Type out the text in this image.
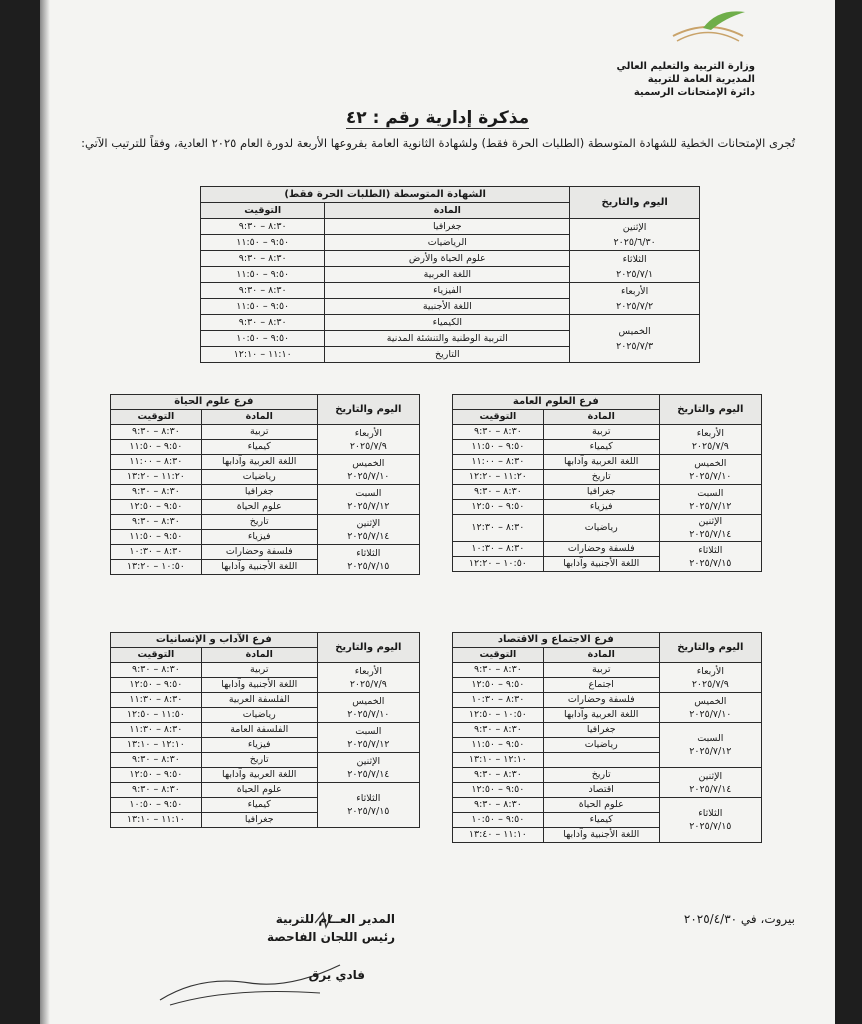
وزارة التربية والتعليم العالي
المديرية العامة للتربية
دائرة الإمتحانات الرسمية
مذكرة إدارية رقم : ٤٢
تُجرى الإمتحانات الخطية للشهادة المتوسطة (الطلبات الحرة فقط) ولشهادة الثانوية العامة بفروعها الأربعة لدورة العام ٢٠٢٥ العادية، وفقاً للترتيب الآتي:
اليوم والتاريخ	الشهادة المتوسطة (الطلبات الحرة فقط)	
	المادة	التوقيت

الإثنين
٢٠٢٥/٦/٣٠	جغرافيا	٨:٣٠ – ٩:٣٠
	الرياضيات	٩:٥٠ – ١١:٥٠

الثلاثاء
٢٠٢٥/٧/١	علوم الحياة والأرض	٨:٣٠ – ٩:٣٠
	اللغة العربية	٩:٥٠ – ١١:٥٠

الأربعاء
٢٠٢٥/٧/٢	الفيزياء	٨:٣٠ – ٩:٣٠
	اللغة الأجنبية	٩:٥٠ – ١١:٥٠

الخميس
٢٠٢٥/٧/٣	الكيمياء	٨:٣٠ – ٩:٣٠
	التربية الوطنية والتنشئة المدنية	٩:٥٠ – ١٠:٥٠
	التاريخ	١١:١٠ – ١٢:١٠
اليوم والتاريخ	فرع العلوم العامة	
	المادة	التوقيت

الأربعاء
٢٠٢٥/٧/٩	تربية	٨:٣٠ – ٩:٣٠
	كيمياء	٩:٥٠ – ١١:٥٠

الخميس
٢٠٢٥/٧/١٠	اللغة العربية وآدابها	٨:٣٠ – ١١:٠٠
	تاريخ	١١:٢٠ – ١٢:٢٠

السبت
٢٠٢٥/٧/١٢	جغرافيا	٨:٣٠ – ٩:٣٠
	فيزياء	٩:٥٠ – ١٢:٥٠

الإثنين
٢٠٢٥/٧/١٤	رياضيات	٨:٣٠ – ١٢:٣٠

الثلاثاء
٢٠٢٥/٧/١٥	فلسفة وحضارات	٨:٣٠ – ١٠:٣٠
	اللغة الأجنبية وآدابها	١٠:٥٠ – ١٢:٢٠
اليوم والتاريخ	فرع علوم الحياة	
	المادة	التوقيت

الأربعاء
٢٠٢٥/٧/٩	تربية	٨:٣٠ – ٩:٣٠
	كيمياء	٩:٥٠ – ١١:٥٠

الخميس
٢٠٢٥/٧/١٠	اللغة العربية وآدابها	٨:٣٠ – ١١:٠٠
	رياضيات	١١:٢٠ – ١٣:٢٠

السبت
٢٠٢٥/٧/١٢	جغرافيا	٨:٣٠ – ٩:٣٠
	علوم الحياة	٩:٥٠ – ١٢:٥٠

الإثنين
٢٠٢٥/٧/١٤	تاريخ	٨:٣٠ – ٩:٣٠
	فيزياء	٩:٥٠ – ١١:٥٠

الثلاثاء
٢٠٢٥/٧/١٥	فلسفة وحضارات	٨:٣٠ – ١٠:٣٠
	اللغة الأجنبية وآدابها	١٠:٥٠ – ١٣:٢٠
اليوم والتاريخ	فرع الاجتماع و الاقتصاد	
	المادة	التوقيت

الأربعاء
٢٠٢٥/٧/٩	تربية	٨:٣٠ – ٩:٣٠
	اجتماع	٩:٥٠ – ١٢:٥٠

الخميس
٢٠٢٥/٧/١٠	فلسفة وحضارات	٨:٣٠ – ١٠:٣٠
	اللغة العربية وآدابها	١٠:٥٠ – ١٢:٥٠

السبت
٢٠٢٥/٧/١٢	جغرافيا	٨:٣٠ – ٩:٣٠
	رياضيات	٩:٥٠ – ١١:٥٠
		١٢:١٠ – ١٣:١٠

الإثنين
٢٠٢٥/٧/١٤	تاريخ	٨:٣٠ – ٩:٣٠
	اقتصاد	٩:٥٠ – ١٢:٥٠

الثلاثاء
٢٠٢٥/٧/١٥	علوم الحياة	٨:٣٠ – ٩:٣٠
	كيمياء	٩:٥٠ – ١٠:٥٠
	اللغة الأجنبية وآدابها	١١:١٠ – ١٣:٤٠
اليوم والتاريخ	فرع الآداب و الإنسانيات	
	المادة	التوقيت

الأربعاء
٢٠٢٥/٧/٩	تربية	٨:٣٠ – ٩:٣٠
	اللغة الأجنبية وآدابها	٩:٥٠ – ١٢:٥٠

الخميس
٢٠٢٥/٧/١٠	الفلسفة العربية	٨:٣٠ – ١١:٣٠
	رياضيات	١١:٥٠ – ١٢:٥٠

السبت
٢٠٢٥/٧/١٢	الفلسفة العامة	٨:٣٠ – ١١:٣٠
	فيزياء	١٢:١٠ – ١٣:١٠

الإثنين
٢٠٢٥/٧/١٤	تاريخ	٨:٣٠ – ٩:٣٠
	اللغة العربية وآدابها	٩:٥٠ – ١٢:٥٠

الثلاثاء
٢٠٢٥/٧/١٥	علوم الحياة	٨:٣٠ – ٩:٣٠
	كيمياء	٩:٥٠ – ١٠:٥٠
	جغرافيا	١١:١٠ – ١٣:١٠
بيروت، في ٢٠٢٥/٤/٣٠
المدير العــام للتربية
رئيس اللجان الفاحصة
فادي يرق
